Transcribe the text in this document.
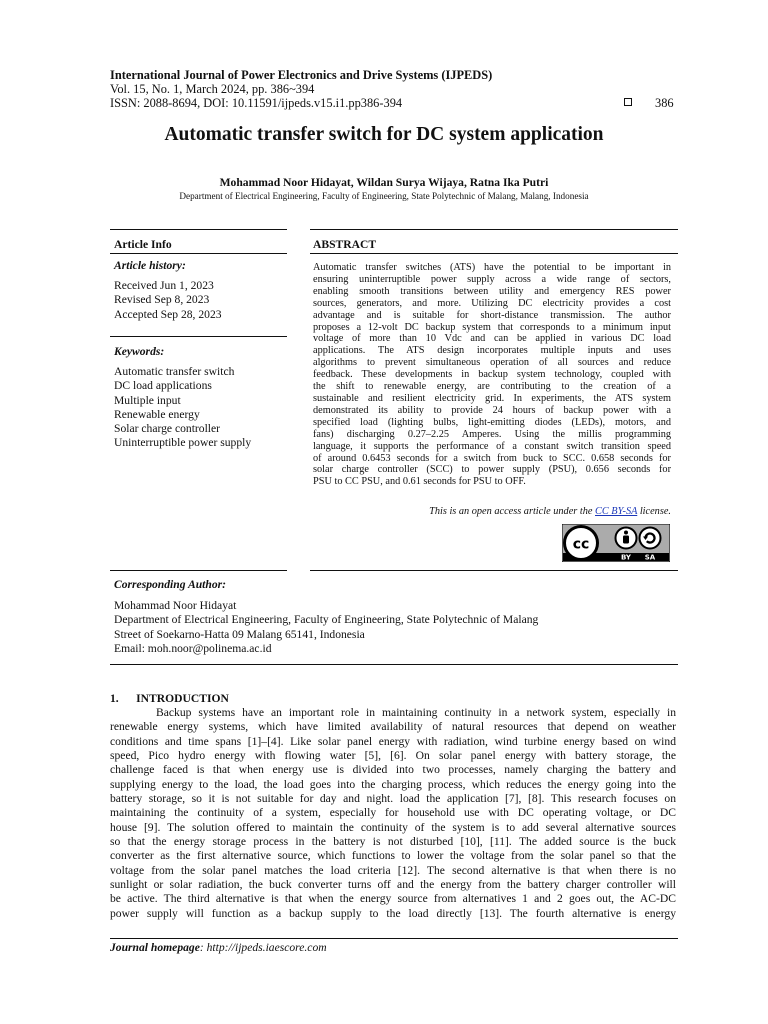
International Journal of Power Electronics and Drive Systems (IJPEDS)
Vol. 15, No. 1, March 2024, pp. 386~394
ISSN: 2088-8694, DOI: 10.11591/ijpeds.v15.i1.pp386-394	386
Automatic transfer switch for DC system application
Mohammad Noor Hidayat, Wildan Surya Wijaya, Ratna Ika Putri
Department of Electrical Engineering, Faculty of Engineering, State Polytechnic of Malang, Malang, Indonesia
Article Info	ABSTRACT
Article history:
Received Jun 1, 2023
Revised Sep 8, 2023
Accepted Sep 28, 2023
Keywords:
Automatic transfer switch
DC load applications
Multiple input
Renewable energy
Solar charge controller
Uninterruptible power supply
Automatic transfer switches (ATS) have the potential to be important in
ensuring uninterruptible power supply across a wide range of sectors,
enabling smooth transitions between utility and emergency RES power
sources, generators, and more. Utilizing DC electricity provides a cost
advantage and is suitable for short-distance transmission. The author
proposes a 12-volt DC backup system that corresponds to a minimum input
voltage of more than 10 Vdc and can be applied in various DC load
applications. The ATS design incorporates multiple inputs and uses
algorithms to prevent simultaneous operation of all sources and reduce
feedback. These developments in backup system technology, coupled with
the shift to renewable energy, are contributing to the creation of a
sustainable and resilient electricity grid. In experiments, the ATS system
demonstrated its ability to provide 24 hours of backup power with a
specified load (lighting bulbs, light-emitting diodes (LEDs), motors, and
fans) discharging 0.27–2.25 Amperes. Using the millis programming
language, it supports the performance of a constant switch transition speed
of around 0.6453 seconds for a switch from buck to SCC. 0.658 seconds for
solar charge controller (SCC) to power supply (PSU), 0.656 seconds for
PSU to CC PSU, and 0.61 seconds for PSU to OFF.
This is an open access article under the CC BY-SA license.
cc
BY SA
Corresponding Author:
Mohammad Noor Hidayat
Department of Electrical Engineering, Faculty of Engineering, State Polytechnic of Malang
Street of Soekarno-Hatta 09 Malang 65141, Indonesia
Email: moh.noor@polinema.ac.id
1. INTRODUCTION
Backup systems have an important role in maintaining continuity in a network system, especially in
renewable energy systems, which have limited availability of natural resources that depend on weather
conditions and time spans [1]–[4]. Like solar panel energy with radiation, wind turbine energy based on wind
speed, Pico hydro energy with flowing water [5], [6]. On solar panel energy with battery storage, the
challenge faced is that when energy use is divided into two processes, namely charging the battery and
supplying energy to the load, the load goes into the charging process, which reduces the energy going into the
battery storage, so it is not suitable for day and night. load the application [7], [8]. This research focuses on
maintaining the continuity of a system, especially for household use with DC operating voltage, or DC
house [9]. The solution offered to maintain the continuity of the system is to add several alternative sources
so that the energy storage process in the battery is not disturbed [10], [11]. The added source is the buck
converter as the first alternative source, which functions to lower the voltage from the solar panel so that the
voltage from the solar panel matches the load criteria [12]. The second alternative is that when there is no
sunlight or solar radiation, the buck converter turns off and the energy from the battery charger controller will
be active. The third alternative is that when the energy source from alternatives 1 and 2 goes out, the AC-DC
power supply will function as a backup supply to the load directly [13]. The fourth alternative is energy
Journal homepage: http://ijpeds.iaescore.com
